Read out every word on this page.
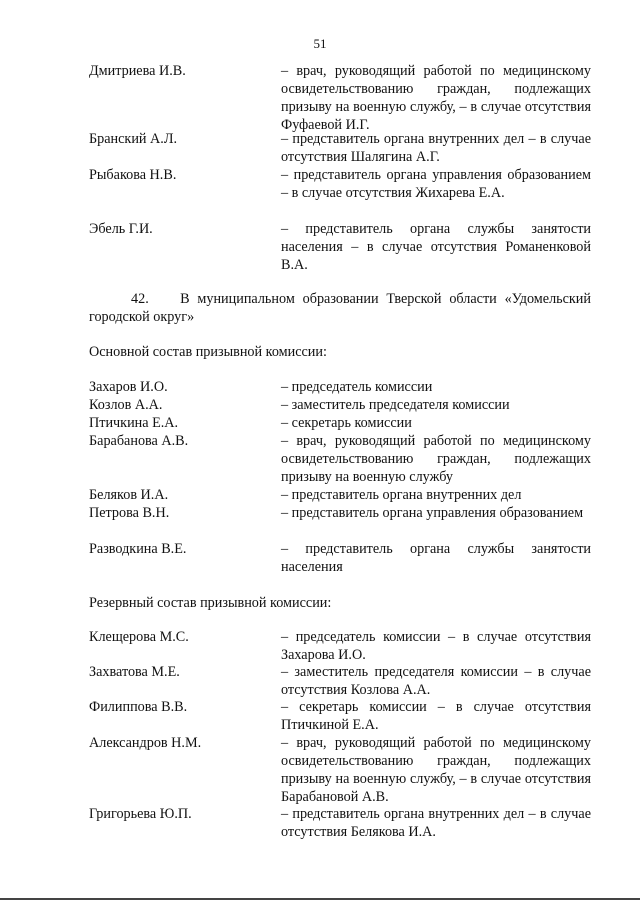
51
Дмитриева И.В.	– врач, руководящий работой по медицинскому освидетельствованию граждан, подлежащих призыву на военную службу, – в случае отсутствия Фуфаевой И.Г.
Бранский А.Л.	– представитель органа внутренних дел – в случае отсутствия Шалягина А.Г.
Рыбакова Н.В.	– представитель органа управления образованием – в случае отсутствия Жихарева Е.А.
Эбель Г.И.	– представитель органа службы занятости населения – в случае отсутствия Романенковой В.А.
42. В муниципальном образовании Тверской области «Удомельский городской округ»
Основной состав призывной комиссии:
Захаров И.О.	– председатель комиссии
Козлов А.А.	– заместитель председателя комиссии
Птичкина Е.А.	– секретарь комиссии
Барабанова А.В.	– врач, руководящий работой по медицинскому освидетельствованию граждан, подлежащих призыву на военную службу
Беляков И.А.	– представитель органа внутренних дел
Петрова В.Н.	– представитель органа управления образованием
Разводкина В.Е.	– представитель органа службы занятости населения
Резервный состав призывной комиссии:
Клещерова М.С.	– председатель комиссии – в случае отсутствия Захарова И.О.
Захватова М.Е.	– заместитель председателя комиссии – в случае отсутствия Козлова А.А.
Филиппова В.В.	– секретарь комиссии – в случае отсутствия Птичкиной Е.А.
Александров Н.М.	– врач, руководящий работой по медицинскому освидетельствованию граждан, подлежащих призыву на военную службу, – в случае отсутствия Барабановой А.В.
Григорьева Ю.П.	– представитель органа внутренних дел – в случае отсутствия Белякова И.А.
